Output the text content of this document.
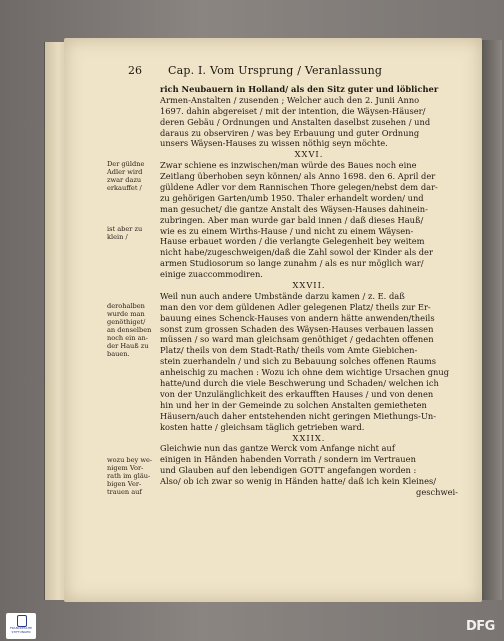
26 Cap. I. Vom Ursprung / Veranlassung
rich Neubauern in Holland/ als den Sitz guter und löblicher
Armen-Anstalten / zusenden ; Welcher auch den 2. Junii Anno
1697. dahin abgereiset / mit der intention, die Wäysen-Häuser/
deren Gebäu / Ordnungen und Anstalten daselbst zusehen / und
daraus zu observiren / was bey Erbauung und guter Ordnung
unsers Wäysen-Hauses zu wissen nöthig seyn möchte.
XXVI.
Zwar schiene es inzwischen/man würde des Baues noch eine
Zeitlang überhoben seyn können/ als Anno 1698. den 6. April der
güldene Adler vor dem Rannischen Thore gelegen/nebst dem dar-
zu gehörigen Garten/umb 1950. Thaler erhandelt worden/ und
man gesuchet/ die gantze Anstalt des Wäysen-Hauses dahinein-
zubringen. Aber man wurde gar bald innen / daß dieses Hauß/
wie es zu einem Wirths-Hause / und nicht zu einem Wäysen-
Hause erbauet worden / die verlangte Gelegenheit bey weitem
nicht habe/zugeschweigen/daß die Zahl sowol der Kinder als der
armen Studiosorum so lange zunahm / als es nur möglich war/
einige zuaccommodiren.
XXVII.
Weil nun auch andere Umbstände darzu kamen / z. E. daß
man den vor dem güldenen Adler gelegenen Platz/ theils zur Er-
bauung eines Schenck-Hauses von andern hätte anwenden/theils
sonst zum grossen Schaden des Wäysen-Hauses verbauen lassen
müssen / so ward man gleichsam genöthiget / gedachten offenen
Platz/ theils von dem Stadt-Rath/ theils vom Amte Giebichen-
stein zuerhandeln / und sich zu Bebauung solches offenen Raums
anheischig zu machen : Wozu ich ohne dem wichtige Ursachen gnug
hatte/und durch die viele Beschwerung und Schaden/ welchen ich
von der Unzulänglichkeit des erkaufften Hauses / und von denen
hin und her in der Gemeinde zu solchen Anstalten gemietheten
Häusern/auch daher entstehenden nicht geringen Miethungs-Un-
kosten hatte / gleichsam täglich getrieben ward.
XXIIX.
Gleichwie nun das gantze Werck vom Anfange nicht auf
einigen in Händen habenden Vorrath / sondern im Vertrauen
und Glauben auf den lebendigen GOTT angefangen worden :
Also/ ob ich zwar so wenig in Händen hatte/ daß ich kein Kleines/
geschwei-
Der güldne
Adler wird
zwar dazu
erkauffet /
ist aber zu
klein /
derohalben
wurde man
genöthiget/
an denselben
noch ein an-
der Hauß zu
bauen.
wozu bey we-
nigem Vor-
rath im gläu-
bigen Ver-
trauen auf
FRANCKESCHE STIFTUNGEN	DFG
